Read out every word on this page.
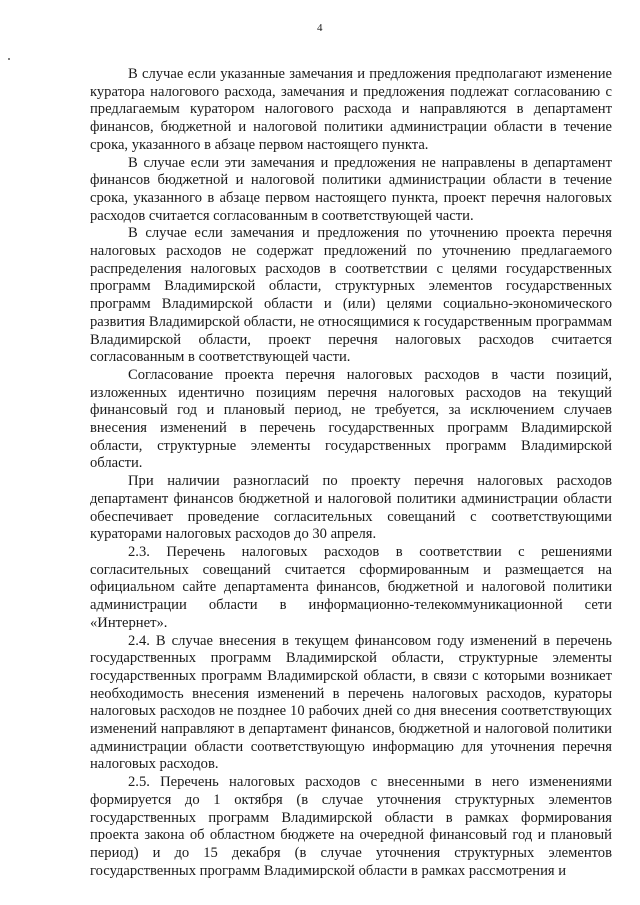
4

В случае если указанные замечания и предложения предполагают изменение куратора налогового расхода, замечания и предложения подлежат согласованию с предлагаемым куратором налогового расхода и направляются в департамент финансов, бюджетной и налоговой политики администрации области в течение срока, указанного в абзаце первом настоящего пункта.

В случае если эти замечания и предложения не направлены в департамент финансов бюджетной и налоговой политики администрации области в течение срока, указанного в абзаце первом настоящего пункта, проект перечня налоговых расходов считается согласованным в соответствующей части.

В случае если замечания и предложения по уточнению проекта перечня налоговых расходов не содержат предложений по уточнению предлагаемого распределения налоговых расходов в соответствии с целями государственных программ Владимирской области, структурных элементов государственных программ Владимирской области и (или) целями социально-экономического развития Владимирской области, не относящимися к государственным программам Владимирской области, проект перечня налоговых расходов считается согласованным в соответствующей части.

Согласование проекта перечня налоговых расходов в части позиций, изложенных идентично позициям перечня налоговых расходов на текущий финансовый год и плановый период, не требуется, за исключением случаев внесения изменений в перечень государственных программ Владимирской области, структурные элементы государственных программ Владимирской области.

При наличии разногласий по проекту перечня налоговых расходов департамент финансов бюджетной и налоговой политики администрации области обеспечивает проведение согласительных совещаний с соответствующими кураторами налоговых расходов до 30 апреля.

2.3. Перечень налоговых расходов в соответствии с решениями согласительных совещаний считается сформированным и размещается на официальном сайте департамента финансов, бюджетной и налоговой политики администрации области в информационно-телекоммуникационной сети «Интернет».

2.4. В случае внесения в текущем финансовом году изменений в перечень государственных программ Владимирской области, структурные элементы государственных программ Владимирской области, в связи с которыми возникает необходимость внесения изменений в перечень налоговых расходов, кураторы налоговых расходов не позднее 10 рабочих дней со дня внесения соответствующих изменений направляют в департамент финансов, бюджетной и налоговой политики администрации области соответствующую информацию для уточнения перечня налоговых расходов.

2.5. Перечень налоговых расходов с внесенными в него изменениями формируется до 1 октября (в случае уточнения структурных элементов государственных программ Владимирской области в рамках формирования проекта закона об областном бюджете на очередной финансовый год и плановый период) и до 15 декабря (в случае уточнения структурных элементов государственных программ Владимирской области в рамках рассмотрения и
